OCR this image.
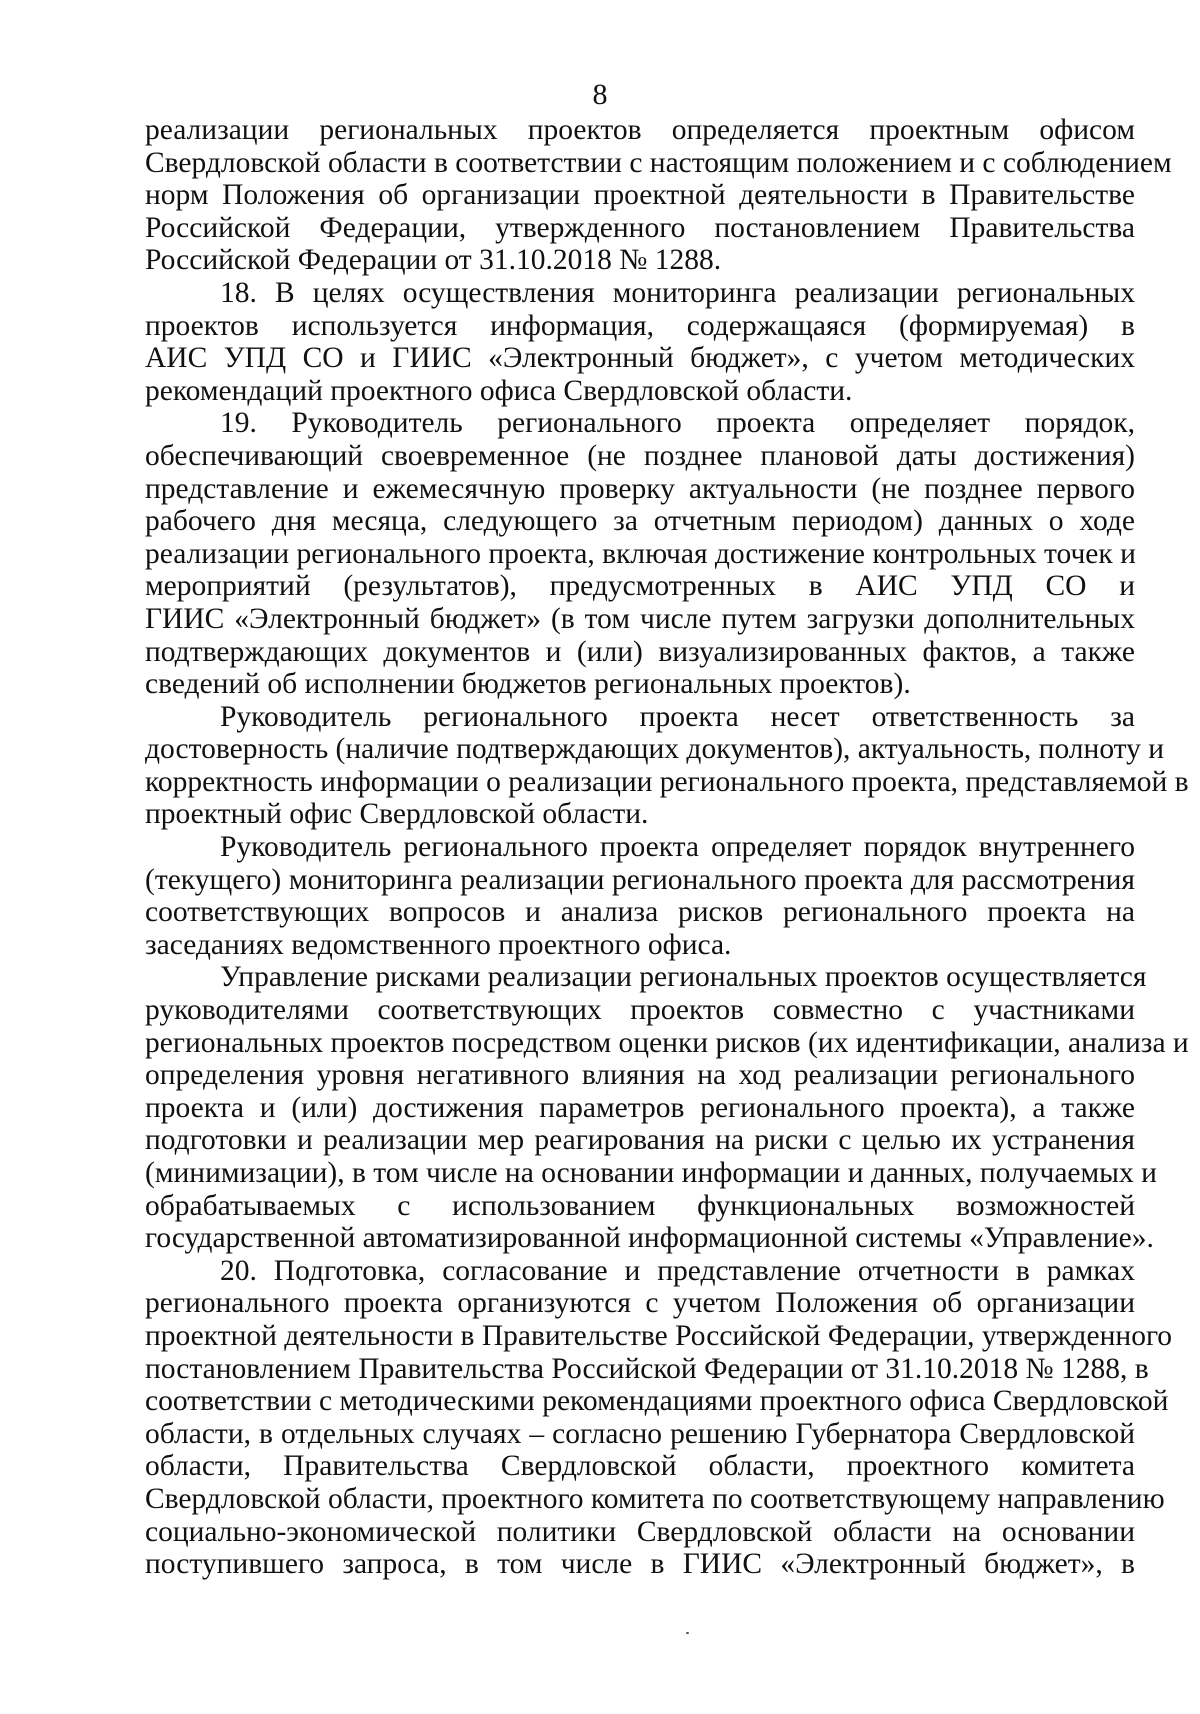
8
реализации региональных проектов определяется проектным офисом
Свердловской области в соответствии с настоящим положением и с соблюдением
норм Положения об организации проектной деятельности в Правительстве
Российской Федерации, утвержденного постановлением Правительства
Российской Федерации от 31.10.2018 № 1288.
18. В целях осуществления мониторинга реализации региональных
проектов используется информация, содержащаяся (формируемая) в
АИС УПД СО и ГИИС «Электронный бюджет», с учетом методических
рекомендаций проектного офиса Свердловской области.
19. Руководитель регионального проекта определяет порядок,
обеспечивающий своевременное (не позднее плановой даты достижения)
представление и ежемесячную проверку актуальности (не позднее первого
рабочего дня месяца, следующего за отчетным периодом) данных о ходе
реализации регионального проекта, включая достижение контрольных точек и
мероприятий (результатов), предусмотренных в АИС УПД СО и
ГИИС «Электронный бюджет» (в том числе путем загрузки дополнительных
подтверждающих документов и (или) визуализированных фактов, а также
сведений об исполнении бюджетов региональных проектов).
Руководитель регионального проекта несет ответственность за
достоверность (наличие подтверждающих документов), актуальность, полноту и
корректность информации о реализации регионального проекта, представляемой в
проектный офис Свердловской области.
Руководитель регионального проекта определяет порядок внутреннего
(текущего) мониторинга реализации регионального проекта для рассмотрения
соответствующих вопросов и анализа рисков регионального проекта на
заседаниях ведомственного проектного офиса.
Управление рисками реализации региональных проектов осуществляется
руководителями соответствующих проектов совместно с участниками
региональных проектов посредством оценки рисков (их идентификации, анализа и
определения уровня негативного влияния на ход реализации регионального
проекта и (или) достижения параметров регионального проекта), а также
подготовки и реализации мер реагирования на риски с целью их устранения
(минимизации), в том числе на основании информации и данных, получаемых и
обрабатываемых с использованием функциональных возможностей
государственной автоматизированной информационной системы «Управление».
20. Подготовка, согласование и представление отчетности в рамках
регионального проекта организуются с учетом Положения об организации
проектной деятельности в Правительстве Российской Федерации, утвержденного
постановлением Правительства Российской Федерации от 31.10.2018 № 1288, в
соответствии с методическими рекомендациями проектного офиса Свердловской
области, в отдельных случаях – согласно решению Губернатора Свердловской
области, Правительства Свердловской области, проектного комитета
Свердловской области, проектного комитета по соответствующему направлению
социально-экономической политики Свердловской области на основании
поступившего запроса, в том числе в ГИИС «Электронный бюджет», в
